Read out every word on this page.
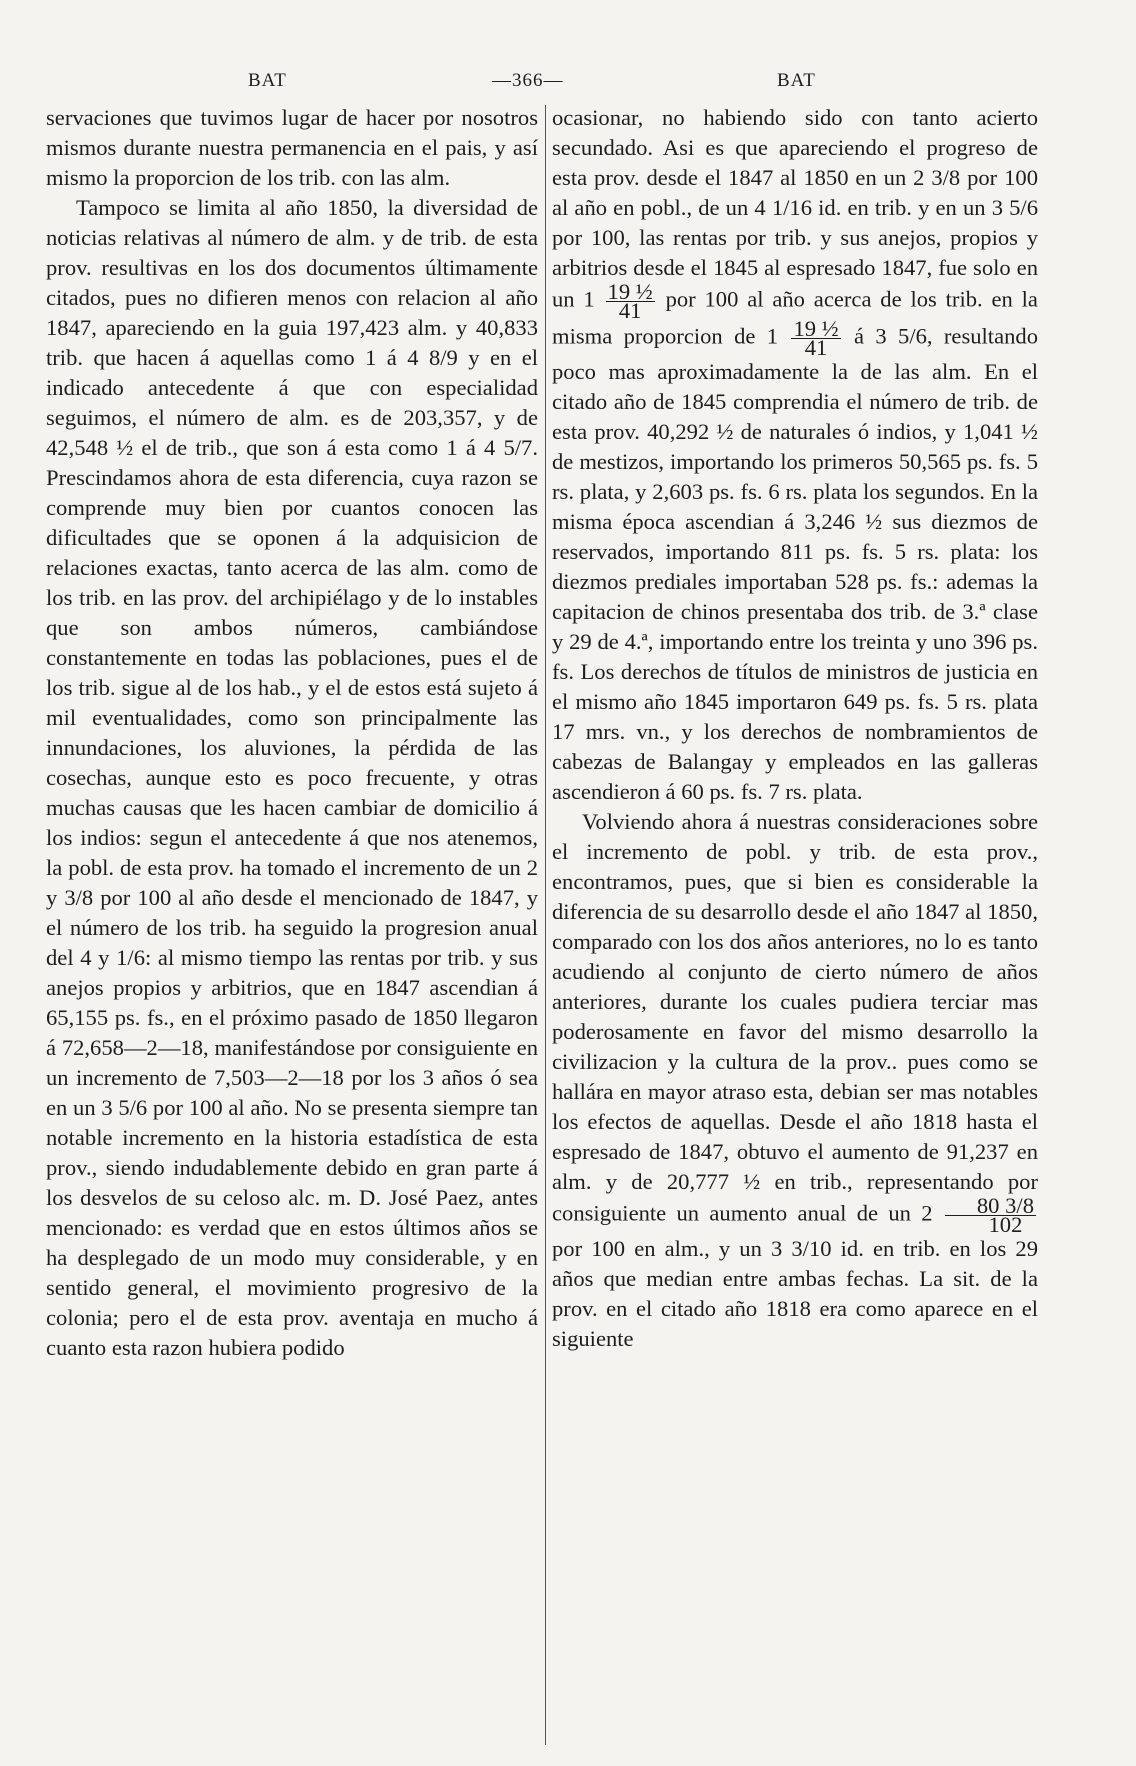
BAT	—366—	BAT

servaciones que tuvimos lugar de hacer por nosotros mismos durante nuestra permanencia en el pais, y así mismo la proporcion de los trib. con las alm.

Tampoco se limita al año 1850, la diversidad de noticias relativas al número de alm. y de trib. de esta prov. resultivas en los dos documentos últimamente citados, pues no difieren menos con relacion al año 1847, apareciendo en la guia 197,423 alm. y 40,833 trib. que hacen á aquellas como 1 á 4 8/9 y en el indicado antecedente á que con especialidad seguimos, el número de alm. es de 203,357, y de 42,548 ½ el de trib., que son á esta como 1 á 4 5/7. Prescindamos ahora de esta diferencia, cuya razon se comprende muy bien por cuantos conocen las dificultades que se oponen á la adquisicion de relaciones exactas, tanto acerca de las alm. como de los trib. en las prov. del archipiélago y de lo instables que son ambos números, cambiándose constantemente en todas las poblaciones, pues el de los trib. sigue al de los hab., y el de estos está sujeto á mil eventualidades, como son principalmente las innundaciones, los aluviones, la pérdida de las cosechas, aunque esto es poco frecuente, y otras muchas causas que les hacen cambiar de domicilio á los indios: segun el antecedente á que nos atenemos, la pobl. de esta prov. ha tomado el incremento de un 2 y 3/8 por 100 al año desde el mencionado de 1847, y el número de los trib. ha seguido la progresion anual del 4 y 1/6: al mismo tiempo las rentas por trib. y sus anejos propios y arbitrios, que en 1847 ascendian á 65,155 ps. fs., en el próximo pasado de 1850 llegaron á 72,658—2—18, manifestándose por consiguiente en un incremento de 7,503—2—18 por los 3 años ó sea en un 3 5/6 por 100 al año. No se presenta siempre tan notable incremento en la historia estadística de esta prov., siendo indudablemente debido en gran parte á los desvelos de su celoso alc. m. D. José Paez, antes mencionado: es verdad que en estos últimos años se ha desplegado de un modo muy considerable, y en sentido general, el movimiento progresivo de la colonia; pero el de esta prov. aventaja en mucho á cuanto esta razon hubiera podido

ocasionar, no habiendo sido con tanto acierto secundado. Asi es que apareciendo el progreso de esta prov. desde el 1847 al 1850 en un 2 3/8 por 100 al año en pobl., de un 4 1/16 id. en trib. y en un 3 5/6 por 100, las rentas por trib. y sus anejos, propios y arbitrios desde el 1845 al espresado 1847, fue solo en un $1 \frac{\text{19 ½}}{41}$ por 100 al año acerca de los trib. en la misma proporcion de $1 \frac{\text{19 ½}}{41}$ á 3 5/6, resultando poco mas aproximadamente la de las alm. En el citado año de 1845 comprendia el número de trib. de esta prov. 40,292 ½ de naturales ó indios, y 1,041 ½ de mestizos, importando los primeros 50,565 ps. fs. 5 rs. plata, y 2,603 ps. fs. 6 rs. plata los segundos. En la misma época ascendian á 3,246 ½ sus diezmos de reservados, importando 811 ps. fs. 5 rs. plata: los diezmos prediales importaban 528 ps. fs.: ademas la capitacion de chinos presentaba dos trib. de 3.ª clase y 29 de 4.ª, importando entre los treinta y uno 396 ps. fs. Los derechos de títulos de ministros de justicia en el mismo año 1845 importaron 649 ps. fs. 5 rs. plata 17 mrs. vn., y los derechos de nombramientos de cabezas de Balangay y empleados en las galleras ascendieron á 60 ps. fs. 7 rs. plata.

Volviendo ahora á nuestras consideraciones sobre el incremento de pobl. y trib. de esta prov., encontramos, pues, que si bien es considerable la diferencia de su desarrollo desde el año 1847 al 1850, comparado con los dos años anteriores, no lo es tanto acudiendo al conjunto de cierto número de años anteriores, durante los cuales pudiera terciar mas poderosamente en favor del mismo desarrollo la civilizacion y la cultura de la prov.. pues como se hallára en mayor atraso esta, debian ser mas notables los efectos de aquellas. Desde el año 1818 hasta el espresado de 1847, obtuvo el aumento de 91,237 en alm. y de 20,777 ½ en trib., representando por consiguiente un aumento anual de un $2 \frac{80 3/8}{102}$
por 100 en alm., y un 3 3/10 id. en trib. en los 29 años que median entre ambas fechas. La sit. de la prov. en el citado año 1818 era como aparece en el siguiente
